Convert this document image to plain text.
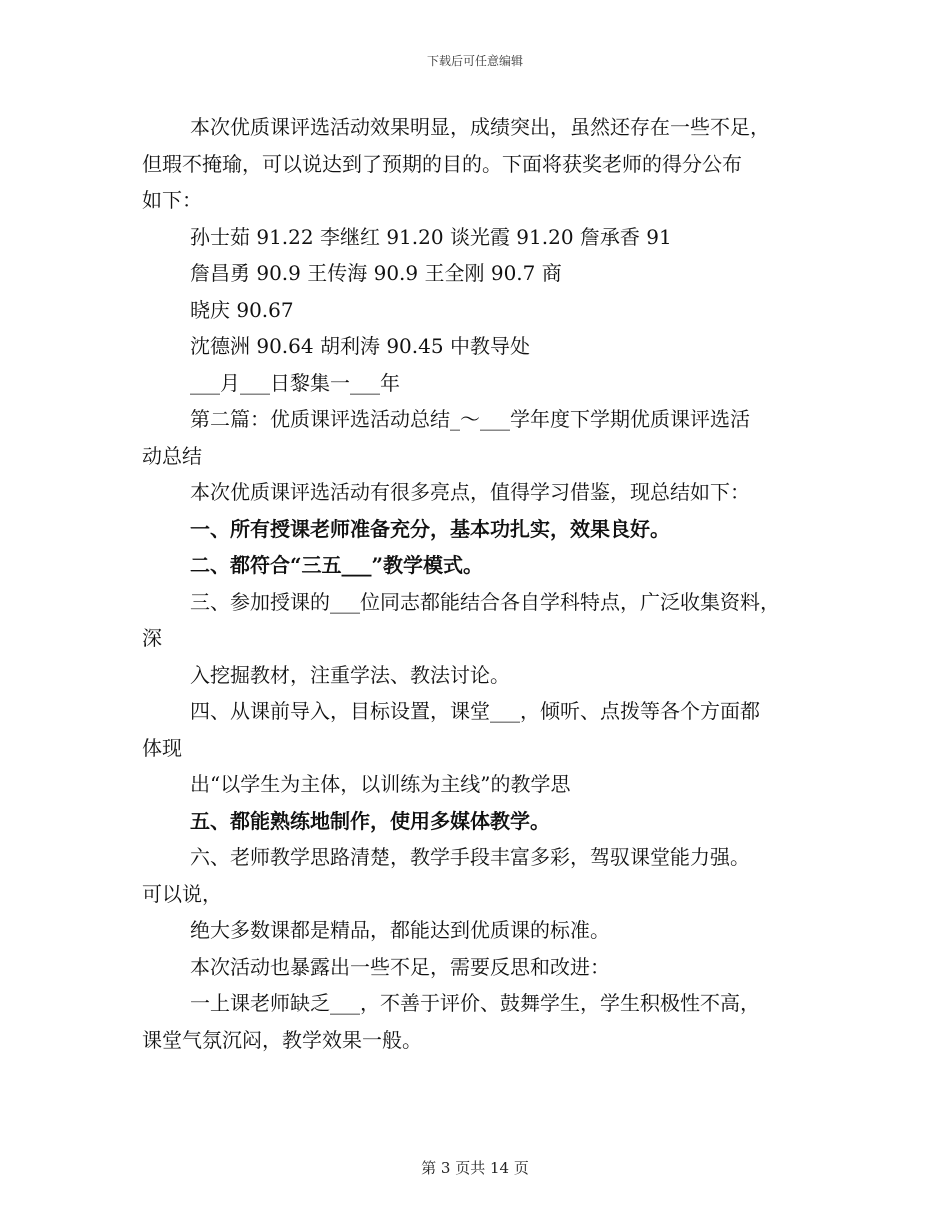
下载后可任意编辑
本次优质课评选活动效果明显，成绩突出，虽然还存在一些不足，
但瑕不掩瑜，可以说达到了预期的目的。下面将获奖老师的得分公布
如下：
孙士茹 91.22 李继红 91.20 谈光霞 91.20 詹承香 91
詹昌勇 90.9 王传海 90.9 王全刚 90.7 商
晓庆 90.67
沈德洲 90.64 胡利涛 90.45 中教导处
___月___日黎集一___年
第二篇：优质课评选活动总结_～___学年度下学期优质课评选活
动总结
本次优质课评选活动有很多亮点，值得学习借鉴，现总结如下：
一、所有授课老师准备充分，基本功扎实，效果良好。
二、都符合“三五___”教学模式。
三、参加授课的___位同志都能结合各自学科特点，广泛收集资料，
深
入挖掘教材，注重学法、教法讨论。
四、从课前导入，目标设置，课堂___，倾听、点拨等各个方面都
体现
出“以学生为主体，以训练为主线”的教学思
五、都能熟练地制作，使用多媒体教学。
六、老师教学思路清楚，教学手段丰富多彩，驾驭课堂能力强。
可以说，
绝大多数课都是精品，都能达到优质课的标准。
本次活动也暴露出一些不足，需要反思和改进：
一上课老师缺乏___，不善于评价、鼓舞学生，学生积极性不高，
课堂气氛沉闷，教学效果一般。
第 3 页共 14 页
